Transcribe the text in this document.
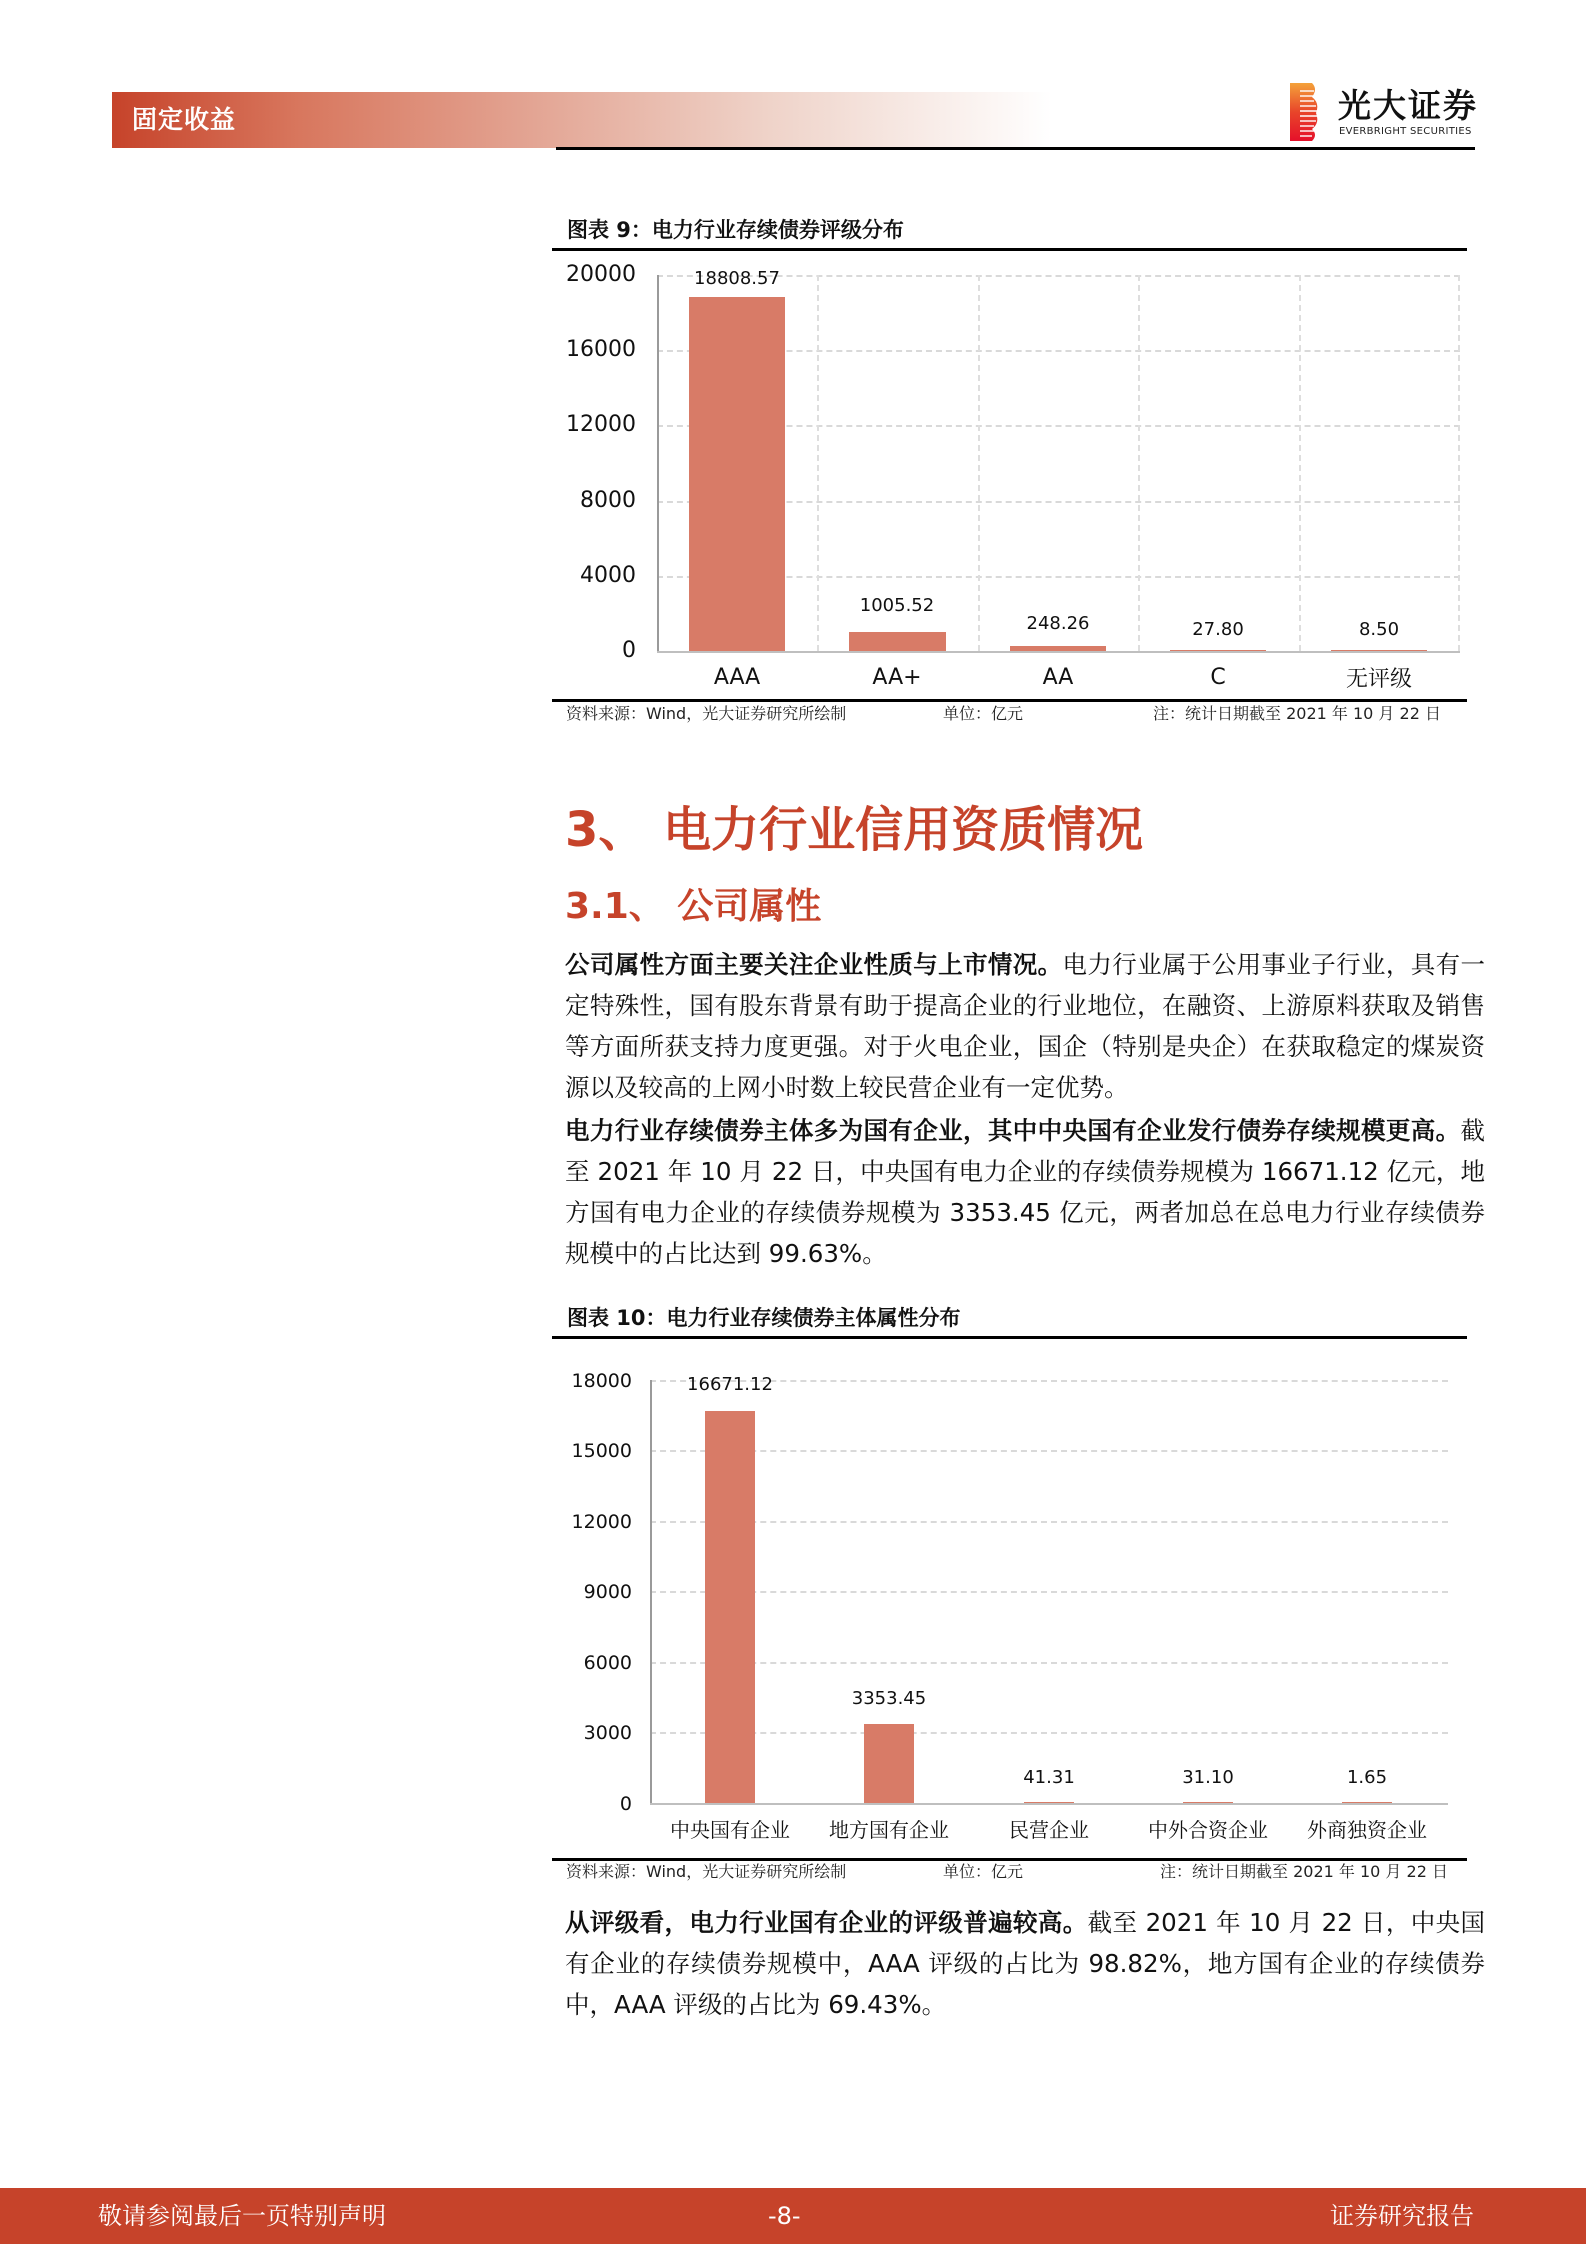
固定收益	光大证券
EVERBRIGHT SECURITIES
图表 9：电力行业存续债券评级分布
18808.57
1005.52
248.26	27.80	8.50
20000
16000
12000
8000
4000
0
AAA	AA+	AA	C	无评级
资料来源：Wind，光大证券研究所绘制	单位：亿元	注：统计日期截至 2021 年 10 月 22 日
3、 电力行业信用资质情况
3.1、 公司属性
公司属性方面主要关注企业性质与上市情况。电力行业属于公用事业子行业，具有一定特殊性，国有股东背景有助于提高企业的行业地位，在融资、上游原料获取及销售等方面所获支持力度更强。对于火电企业，国企（特别是央企）在获取稳定的煤炭资源以及较高的上网小时数上较民营企业有一定优势。
电力行业存续债券主体多为国有企业，其中中央国有企业发行债券存续规模更高。截至 2021 年 10 月 22 日，中央国有电力企业的存续债券规模为 16671.12 亿元，地方国有电力企业的存续债券规模为 3353.45 亿元，两者加总在总电力行业存续债券规模中的占比达到 99.63%。
图表 10：电力行业存续债券主体属性分布
16671.12
3353.45
41.31	31.10	1.65
18000
15000
12000
9000
6000
3000
0
中央国有企业	地方国有企业	民营企业	中外合资企业	外商独资企业
资料来源：Wind，光大证券研究所绘制	单位：亿元	注：统计日期截至 2021 年 10 月 22 日
从评级看，电力行业国有企业的评级普遍较高。截至 2021 年 10 月 22 日，中央国有企业的存续债券规模中，AAA 评级的占比为 98.82%，地方国有企业的存续债券中，AAA 评级的占比为 69.43%。
敬请参阅最后一页特别声明	-8-	证券研究报告
